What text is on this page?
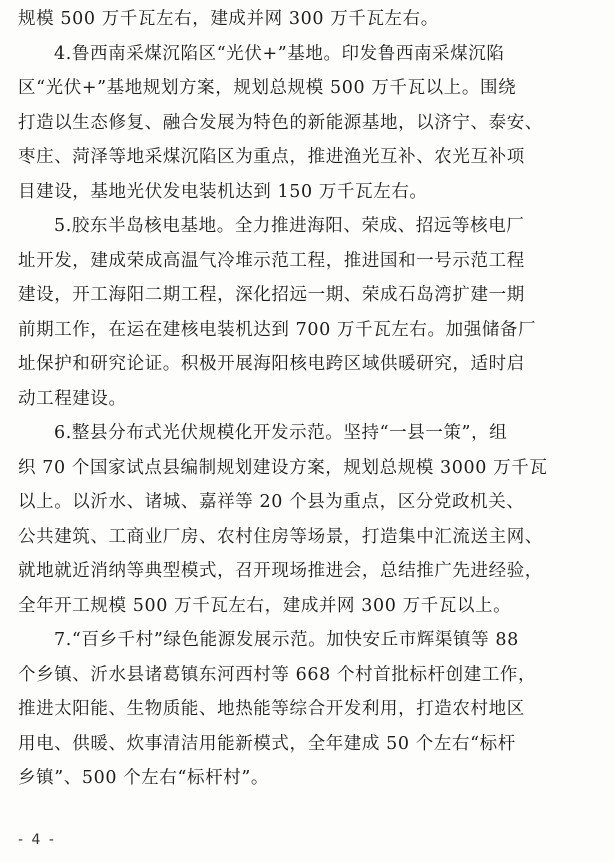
规模 500 万千瓦左右，建成并网 300 万千瓦左右。
4.鲁西南采煤沉陷区“光伏+”基地。印发鲁西南采煤沉陷
区“光伏+”基地规划方案，规划总规模 500 万千瓦以上。围绕
打造以生态修复、融合发展为特色的新能源基地，以济宁、泰安、
枣庄、菏泽等地采煤沉陷区为重点，推进渔光互补、农光互补项
目建设，基地光伏发电装机达到 150 万千瓦左右。
5.胶东半岛核电基地。全力推进海阳、荣成、招远等核电厂
址开发，建成荣成高温气冷堆示范工程，推进国和一号示范工程
建设，开工海阳二期工程，深化招远一期、荣成石岛湾扩建一期
前期工作，在运在建核电装机达到 700 万千瓦左右。加强储备厂
址保护和研究论证。积极开展海阳核电跨区域供暖研究，适时启
动工程建设。
6.整县分布式光伏规模化开发示范。坚持“一县一策”，组
织 70 个国家试点县编制规划建设方案，规划总规模 3000 万千瓦
以上。以沂水、诸城、嘉祥等 20 个县为重点，区分党政机关、
公共建筑、工商业厂房、农村住房等场景，打造集中汇流送主网、
就地就近消纳等典型模式，召开现场推进会，总结推广先进经验，
全年开工规模 500 万千瓦左右，建成并网 300 万千瓦以上。
7.“百乡千村”绿色能源发展示范。加快安丘市辉渠镇等 88
个乡镇、沂水县诸葛镇东河西村等 668 个村首批标杆创建工作，
推进太阳能、生物质能、地热能等综合开发利用，打造农村地区
用电、供暖、炊事清洁用能新模式，全年建成 50 个左右“标杆
乡镇”、500 个左右“标杆村”。
- 4 -
